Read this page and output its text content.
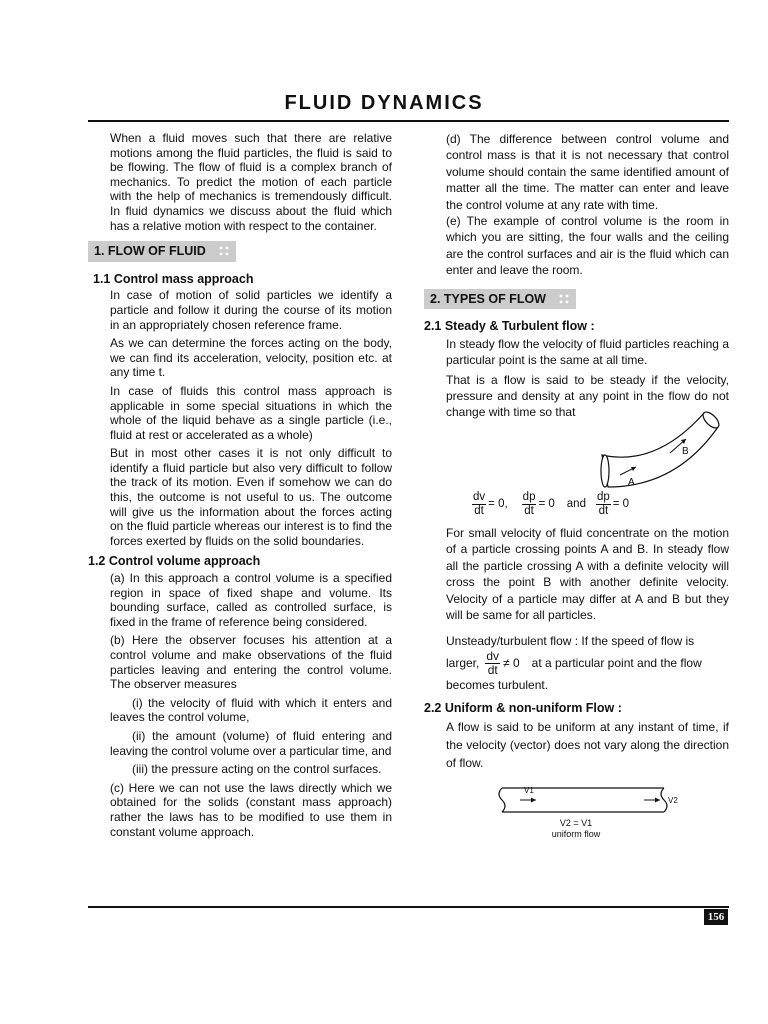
FLUID DYNAMICS

When a fluid moves such that there are relative motions among the fluid particles, the fluid is said to be flowing. The flow of fluid is a complex branch of mechanics. To predict the motion of each particle with the help of mechanics is tremendously difficult. In fluid dynamics we discuss about the fluid which has a relative motion with respect to the container.

1. FLOW OF FLUID
1.1 Control mass approach

In case of motion of solid particles we identify a particle and follow it during the course of its motion in an appropriately chosen reference frame.

As we can determine the forces acting on the body, we can find its acceleration, velocity, position etc. at any time t.

In case of fluids this control mass approach is applicable in some special situations in which the whole of the liquid behave as a single particle (i.e., fluid at rest or accelerated as a whole)

But in most other cases it is not only difficult to identify a fluid particle but also very difficult to follow the track of its motion. Even if somehow we can do this, the outcome is not useful to us. The outcome will give us the information about the forces acting on the fluid particle whereas our interest is to find the forces exerted by fluids on the solid boundaries.

1.2 Control volume approach

(a) In this approach a control volume is a specified region in space of fixed shape and volume. Its bounding surface, called as controlled surface, is fixed in the frame of reference being considered.

(b) Here the observer focuses his attention at a control volume and make observations of the fluid particles leaving and entering the control volume. The observer measures

(i) the velocity of fluid with which it enters and leaves the control volume,

(ii) the amount (volume) of fluid entering and leaving the control volume over a particular time, and

(iii) the pressure acting on the control surfaces.

(c) Here we can not use the laws directly which we obtained for the solids (constant mass approach) rather the laws has to be modified to use them in constant volume approach.

(d) The difference between control volume and control mass is that it is not necessary that control volume should contain the same identified amount of matter all the time. The matter can enter and leave the control volume at any rate with time.

(e) The example of control volume is the room in which you are sitting, the four walls and the ceiling are the control surfaces and air is the fluid which can enter and leave the room.

2. TYPES OF FLOW
2.1 Steady & Turbulent flow :

In steady flow the velocity of fluid particles reaching a particular point is the same at all time.

That is a flow is said to be steady if the velocity, pressure and density at any point in the flow do not change with time so that

A
B
$\frac{dv}{dt} = 0$, $\frac{dp}{dt} = 0$ and $\frac{dp}{dt} = 0$

For small velocity of fluid concentrate on the motion of a particle crossing points A and B. In steady flow all the particle crossing A with a definite velocity will cross the point B with another definite velocity. Velocity of a particle may differ at A and B but they will be same for all particles.

Unsteady/turbulent flow : If the speed of flow is

larger, $\frac{dv}{dt} \ne 0$ at a particular point and the flow

becomes turbulent.

2.2 Uniform & non-uniform Flow :

A flow is said to be uniform at any instant of time, if the velocity (vector) does not vary along the direction of flow.

V1
V2
V2 = V1
uniform flow
156
